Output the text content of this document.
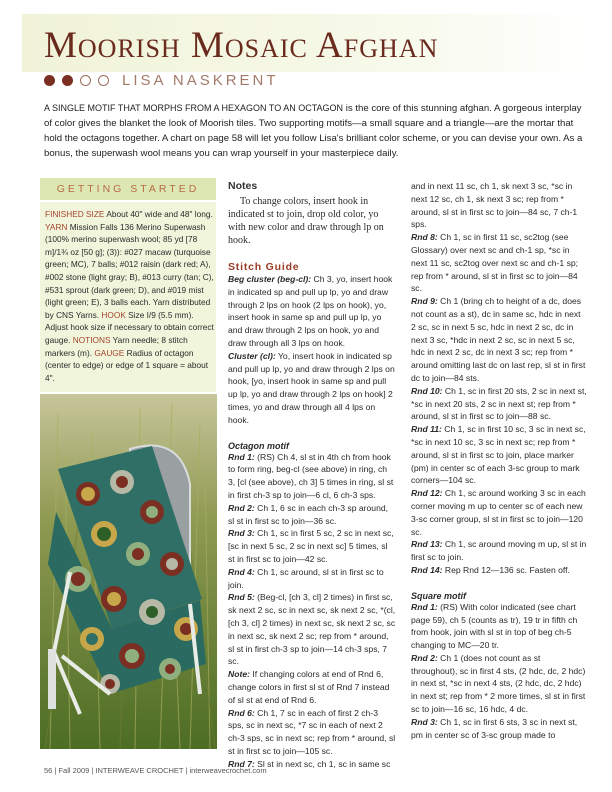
Moorish Mosaic Afghan
LISA NASKRENT
A SINGLE MOTIF THAT MORPHS FROM A HEXAGON TO AN OCTAGON is the core of this stunning afghan. A gorgeous interplay of color gives the blanket the look of Moorish tiles. Two supporting motifs—a small square and a triangle—are the mortar that hold the octagons together. A chart on page 58 will let you follow Lisa's brilliant color scheme, or you can devise your own. As a bonus, the superwash wool means you can wrap yourself in your masterpiece daily.
GETTING STARTED
FINISHED SIZE About 40" wide and 48" long. YARN Mission Falls 136 Merino Superwash (100% merino superwash wool; 85 yd [78 m]/1¾ oz [50 g]; (3)): #027 macaw (turquoise green; MC), 7 balls; #012 raisin (dark red; A), #002 stone (light gray; B), #013 curry (tan; C), #531 sprout (dark green; D), and #019 mist (light green; E), 3 balls each. Yarn distributed by CNS Yarns. HOOK Size I/9 (5.5 mm). Adjust hook size if necessary to obtain correct gauge. NOTIONS Yarn needle; 8 stitch markers (m). GAUGE Radius of octagon (center to edge) or edge of 1 square = about 4".
Notes

To change colors, insert hook in indicated st to join, drop old color, yo with new color and draw through lp on hook.

Stitch Guide

Beg cluster (beg-cl): Ch 3, yo, insert hook in indicated sp and pull up lp, yo and draw through 2 lps on hook (2 lps on hook), yo, insert hook in same sp and pull up lp, yo and draw through 2 lps on hook, yo and draw through all 3 lps on hook.

Cluster (cl): Yo, insert hook in indicated sp and pull up lp, yo and draw through 2 lps on hook, [yo, insert hook in same sp and pull up lp, yo and draw through 2 lps on hook] 2 times, yo and draw through all 4 lps on hook.

Octagon motif

Rnd 1: (RS) Ch 4, sl st in 4th ch from hook to form ring, beg-cl (see above) in ring, ch 3, [cl (see above), ch 3] 5 times in ring, sl st in first ch-3 sp to join—6 cl, 6 ch-3 sps.

Rnd 2: Ch 1, 6 sc in each ch-3 sp around, sl st in first sc to join—36 sc.

Rnd 3: Ch 1, sc in first 5 sc, 2 sc in next sc, [sc in next 5 sc, 2 sc in next sc] 5 times, sl st in first sc to join—42 sc.

Rnd 4: Ch 1, sc around, sl st in first sc to join.

Rnd 5: (Beg-cl, [ch 3, cl] 2 times) in first sc, sk next 2 sc, sc in next sc, sk next 2 sc, *(cl, [ch 3, cl] 2 times) in next sc, sk next 2 sc, sc in next sc, sk next 2 sc; rep from * around, sl st in first ch-3 sp to join—14 ch-3 sps, 7 sc.

Note: If changing colors at end of Rnd 6, change colors in first sl st of Rnd 7 instead of sl st at end of Rnd 6.

Rnd 6: Ch 1, 7 sc in each of first 2 ch-3 sps, sc in next sc, *7 sc in each of next 2 ch-3 sps, sc in next sc; rep from * around, sl st in first sc to join—105 sc.

Rnd 7: Sl st in next sc, ch 1, sc in same sc

and in next 11 sc, ch 1, sk next 3 sc, *sc in next 12 sc, ch 1, sk next 3 sc; rep from * around, sl st in first sc to join—84 sc, 7 ch-1 sps.

Rnd 8: Ch 1, sc in first 11 sc, sc2tog (see Glossary) over next sc and ch-1 sp, *sc in next 11 sc, sc2tog over next sc and ch-1 sp; rep from * around, sl st in first sc to join—84 sc.

Rnd 9: Ch 1 (bring ch to height of a dc, does not count as a st), dc in same sc, hdc in next 2 sc, sc in next 5 sc, hdc in next 2 sc, dc in next 3 sc, *hdc in next 2 sc, sc in next 5 sc, hdc in next 2 sc, dc in next 3 sc; rep from * around omitting last dc on last rep, sl st in first dc to join—84 sts.

Rnd 10: Ch 1, sc in first 20 sts, 2 sc in next st, *sc in next 20 sts, 2 sc in next st; rep from * around, sl st in first sc to join—88 sc.

Rnd 11: Ch 1, sc in first 10 sc, 3 sc in next sc, *sc in next 10 sc, 3 sc in next sc; rep from * around, sl st in first sc to join, place marker (pm) in center sc of each 3-sc group to mark corners—104 sc.

Rnd 12: Ch 1, sc around working 3 sc in each corner moving m up to center sc of each new 3-sc corner group, sl st in first sc to join—120 sc.

Rnd 13: Ch 1, sc around moving m up, sl st in first sc to join.

Rnd 14: Rep Rnd 12—136 sc. Fasten off.

Square motif

Rnd 1: (RS) With color indicated (see chart page 59), ch 5 (counts as tr), 19 tr in fifth ch from hook, join with sl st in top of beg ch-5 changing to MC—20 tr.

Rnd 2: Ch 1 (does not count as st throughout), sc in first 4 sts, (2 hdc, dc, 2 hdc) in next st, *sc in next 4 sts, (2 hdc, dc, 2 hdc) in next st; rep from * 2 more times, sl st in first sc to join—16 sc, 16 hdc, 4 dc.

Rnd 3: Ch 1, sc in first 6 sts, 3 sc in next st, pm in center sc of 3-sc group made to

56 | Fall 2009 | INTERWEAVE CROCHET | interweavecrochet.com
